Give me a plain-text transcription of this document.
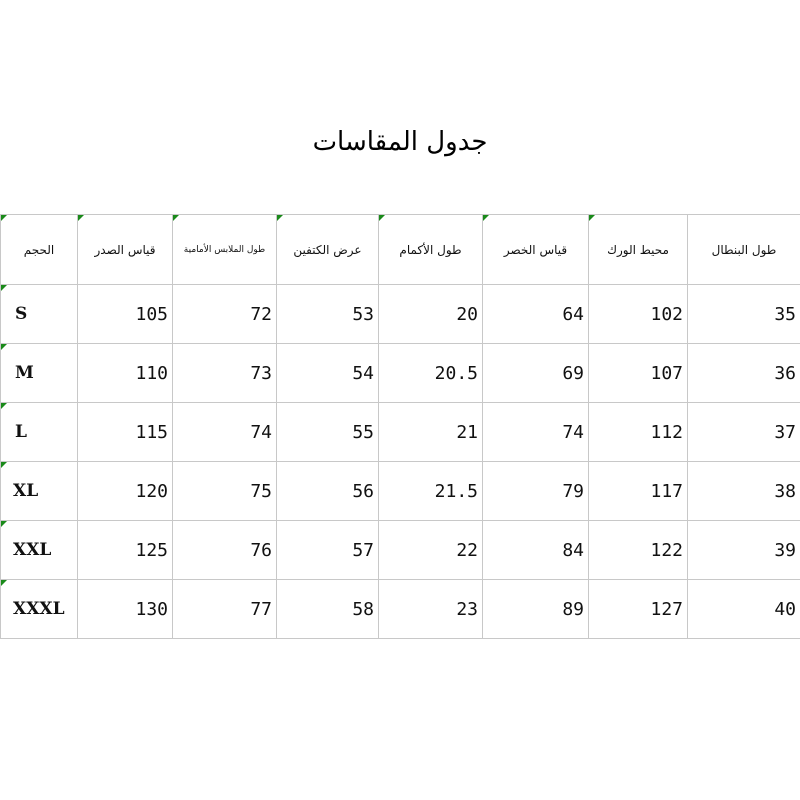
جدول المقاسات
الحجم	قياس الصدر	طول الملابس الأمامية	عرض الكتفين	طول الأكمام	قياس الخصر	محيط الورك	طول البنطال
S	105	72	53	20	64	102	35
M	110	73	54	20.5	69	107	36
L	115	74	55	21	74	112	37
XL	120	75	56	21.5	79	117	38
XXL	125	76	57	22	84	122	39
XXXL	130	77	58	23	89	127	40
